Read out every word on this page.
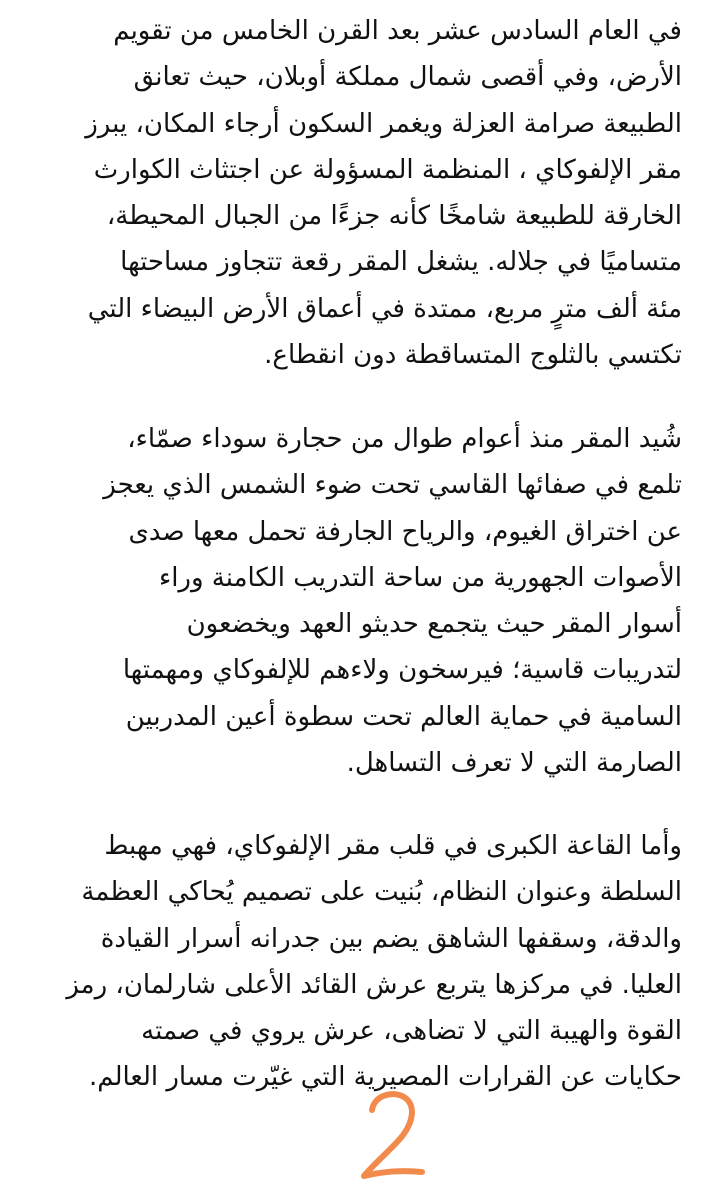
في العام السادس عشر بعد القرن الخامس من تقويم
الأرض، وفي أقصى شمال مملكة أوبلان، حيث تعانق
الطبيعة صرامة العزلة ويغمر السكون أرجاء المكان، يبرز
مقر الإلفوكاي ، المنظمة المسؤولة عن اجتثاث الكوارث
الخارقة للطبيعة شامخًا كأنه جزءًا من الجبال المحيطة،
متساميًا في جلاله. يشغل المقر رقعة تتجاوز مساحتها
مئة ألف مترٍ مربع، ممتدة في أعماق الأرض البيضاء التي
تكتسي بالثلوج المتساقطة دون انقطاع.
شُيد المقر منذ أعوام طوال من حجارة سوداء صمّاء،
تلمع في صفائها القاسي تحت ضوء الشمس الذي يعجز
عن اختراق الغيوم، والرياح الجارفة تحمل معها صدى
الأصوات الجهورية من ساحة التدريب الكامنة وراء
أسوار المقر حيث يتجمع حديثو العهد ويخضعون
لتدريبات قاسية؛ فيرسخون ولاءهم للإلفوكاي ومهمتها
السامية في حماية العالم تحت سطوة أعين المدربين
الصارمة التي لا تعرف التساهل.
وأما القاعة الكبرى في قلب مقر الإلفوكاي، فهي مهبط
السلطة وعنوان النظام، بُنيت على تصميم يُحاكي العظمة
والدقة، وسقفها الشاهق يضم بين جدرانه أسرار القيادة
العليا. في مركزها يتربع عرش القائد الأعلى شارلمان، رمز
القوة والهيبة التي لا تضاهى، عرش يروي في صمته
حكايات عن القرارات المصيرية التي غيّرت مسار العالم.
